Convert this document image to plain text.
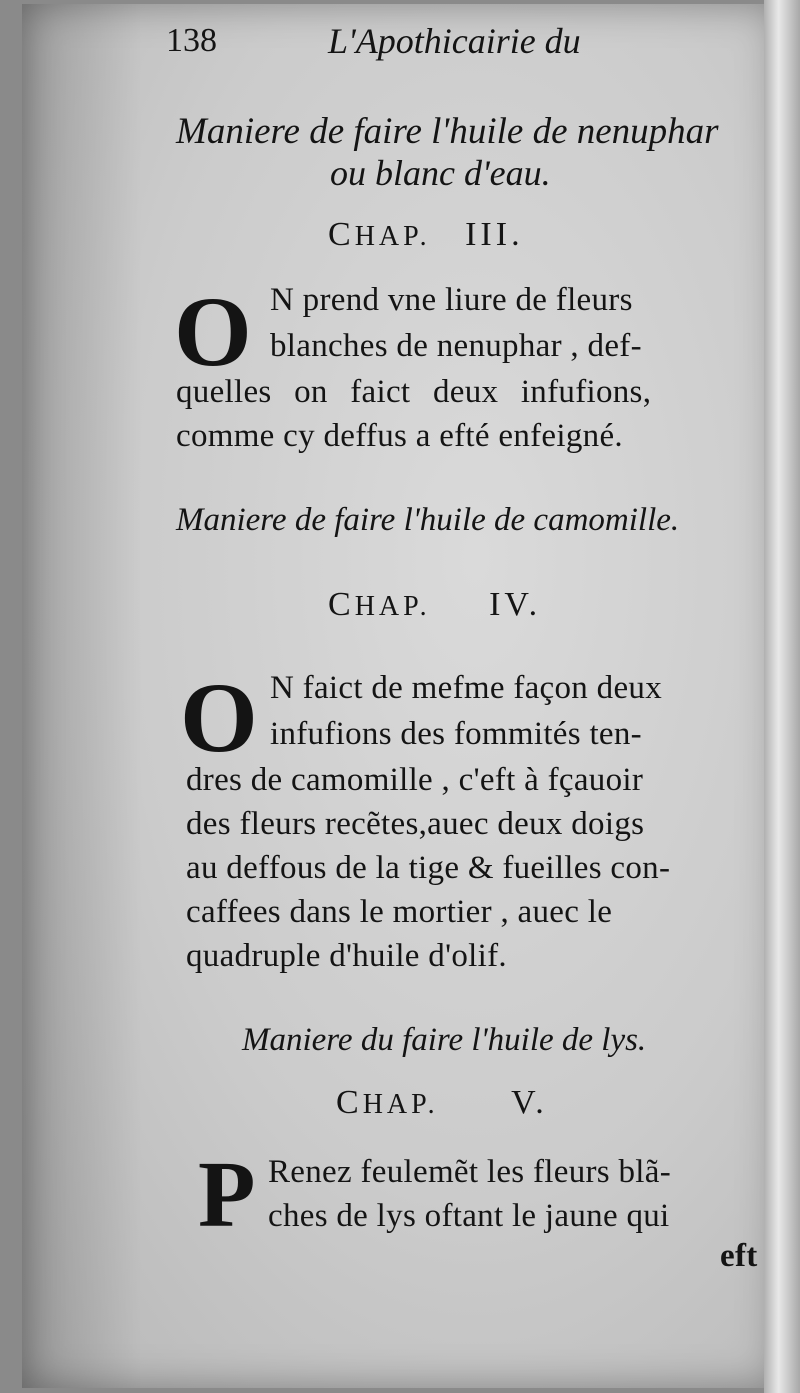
138	L'Apothicairie du
Maniere de faire l'huile de nenuphar
ou blanc d'eau.
CHAP. III.
O N prend vne liure de fleurs
blanches de nenuphar , def-
quelles on faict deux infufions,
comme cy deffus a efté enfeigné.
Maniere de faire l'huile de camomille.
CHAP. IV.
O N faict de mefme façon deux
infufions des fommités ten-
dres de camomille , c'eft à fçauoir
des fleurs recẽtes,auec deux doigs
au deffous de la tige & fueilles con-
caffees dans le mortier , auec le
quadruple d'huile d'olif.
Maniere du faire l'huile de lys.
CHAP. V.
P Renez feulemẽt les fleurs blã-
ches de lys oftant le jaune qui
eft
